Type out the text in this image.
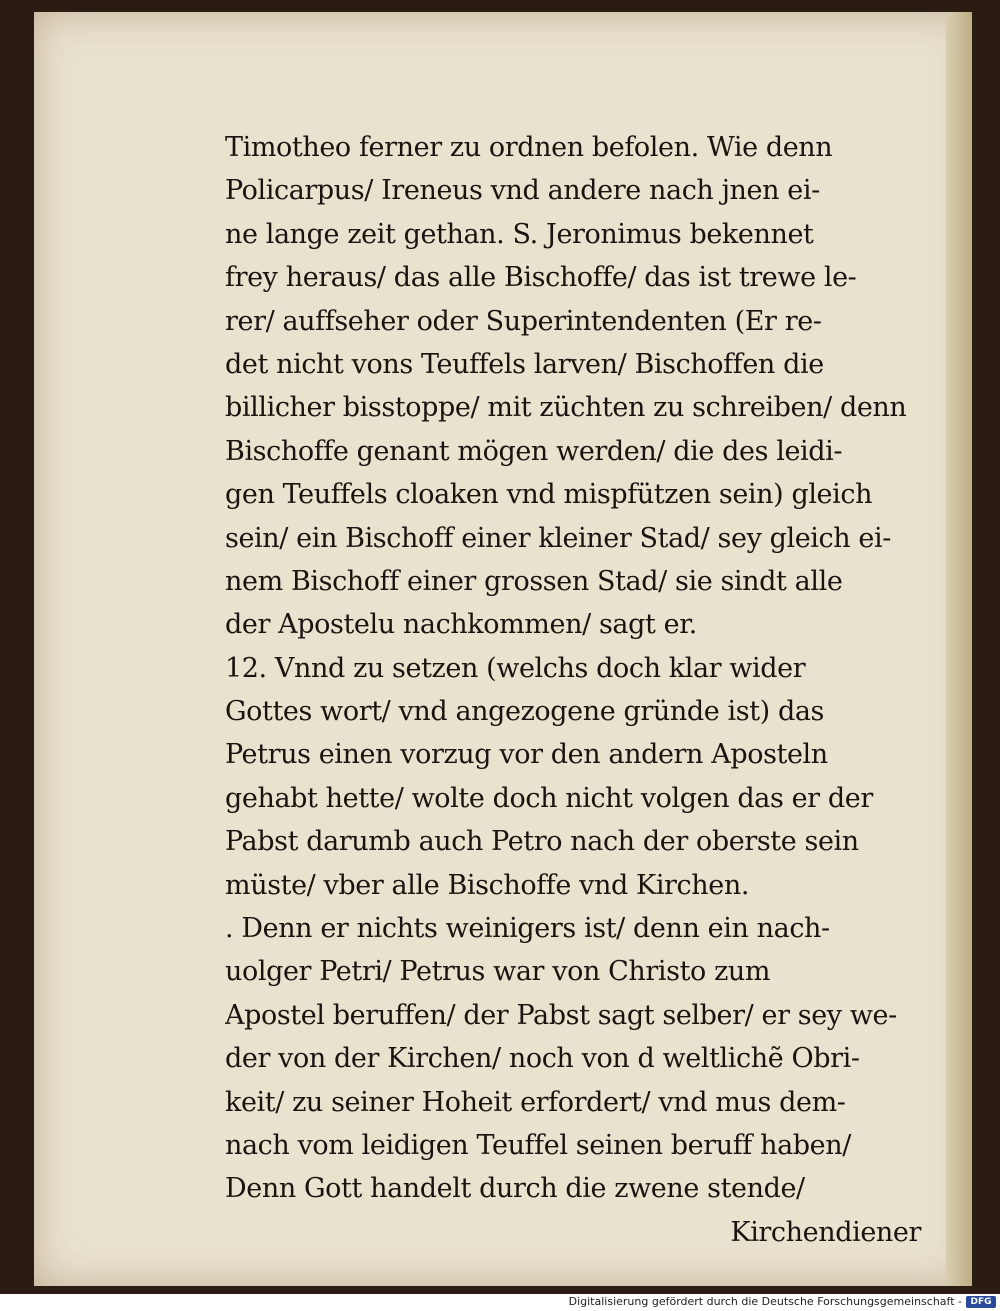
Timotheo ferner zu ordnen befolen. Wie denn
Policarpus/ Ireneus vnd andere nach jnen ei-
ne lange zeit gethan. S. Jeronimus bekennet
frey heraus/ das alle Bischoffe/ das ist trewe le-
rer/ auffseher oder Superintendenten (Er re-
det nicht vons Teuffels larven/ Bischoffen die
billicher bisstoppe/ mit züchten zu schreiben/ denn
Bischoffe genant mögen werden/ die des leidi-
gen Teuffels cloaken vnd mispfützen sein) gleich
sein/ ein Bischoff einer kleiner Stad/ sey gleich ei-
nem Bischoff einer grossen Stad/ sie sindt alle
der Apostelu nachkommen/ sagt er.
12. Vnnd zu setzen (welchs doch klar wider
Gottes wort/ vnd angezogene gründe ist) das
Petrus einen vorzug vor den andern Aposteln
gehabt hette/ wolte doch nicht volgen das er der
Pabst darumb auch Petro nach der oberste sein
müste/ vber alle Bischoffe vnd Kirchen.
. Denn er nichts weinigers ist/ denn ein nach-
uolger Petri/ Petrus war von Christo zum
Apostel beruffen/ der Pabst sagt selber/ er sey we-
der von der Kirchen/ noch von d weltlichẽ Obri-
keit/ zu seiner Hoheit erfordert/ vnd mus dem-
nach vom leidigen Teuffel seinen beruff haben/
Denn Gott handelt durch die zwene stende/
Kirchendiener
Digitalisierung gefördert durch die Deutsche Forschungsgemeinschaft - DFG
